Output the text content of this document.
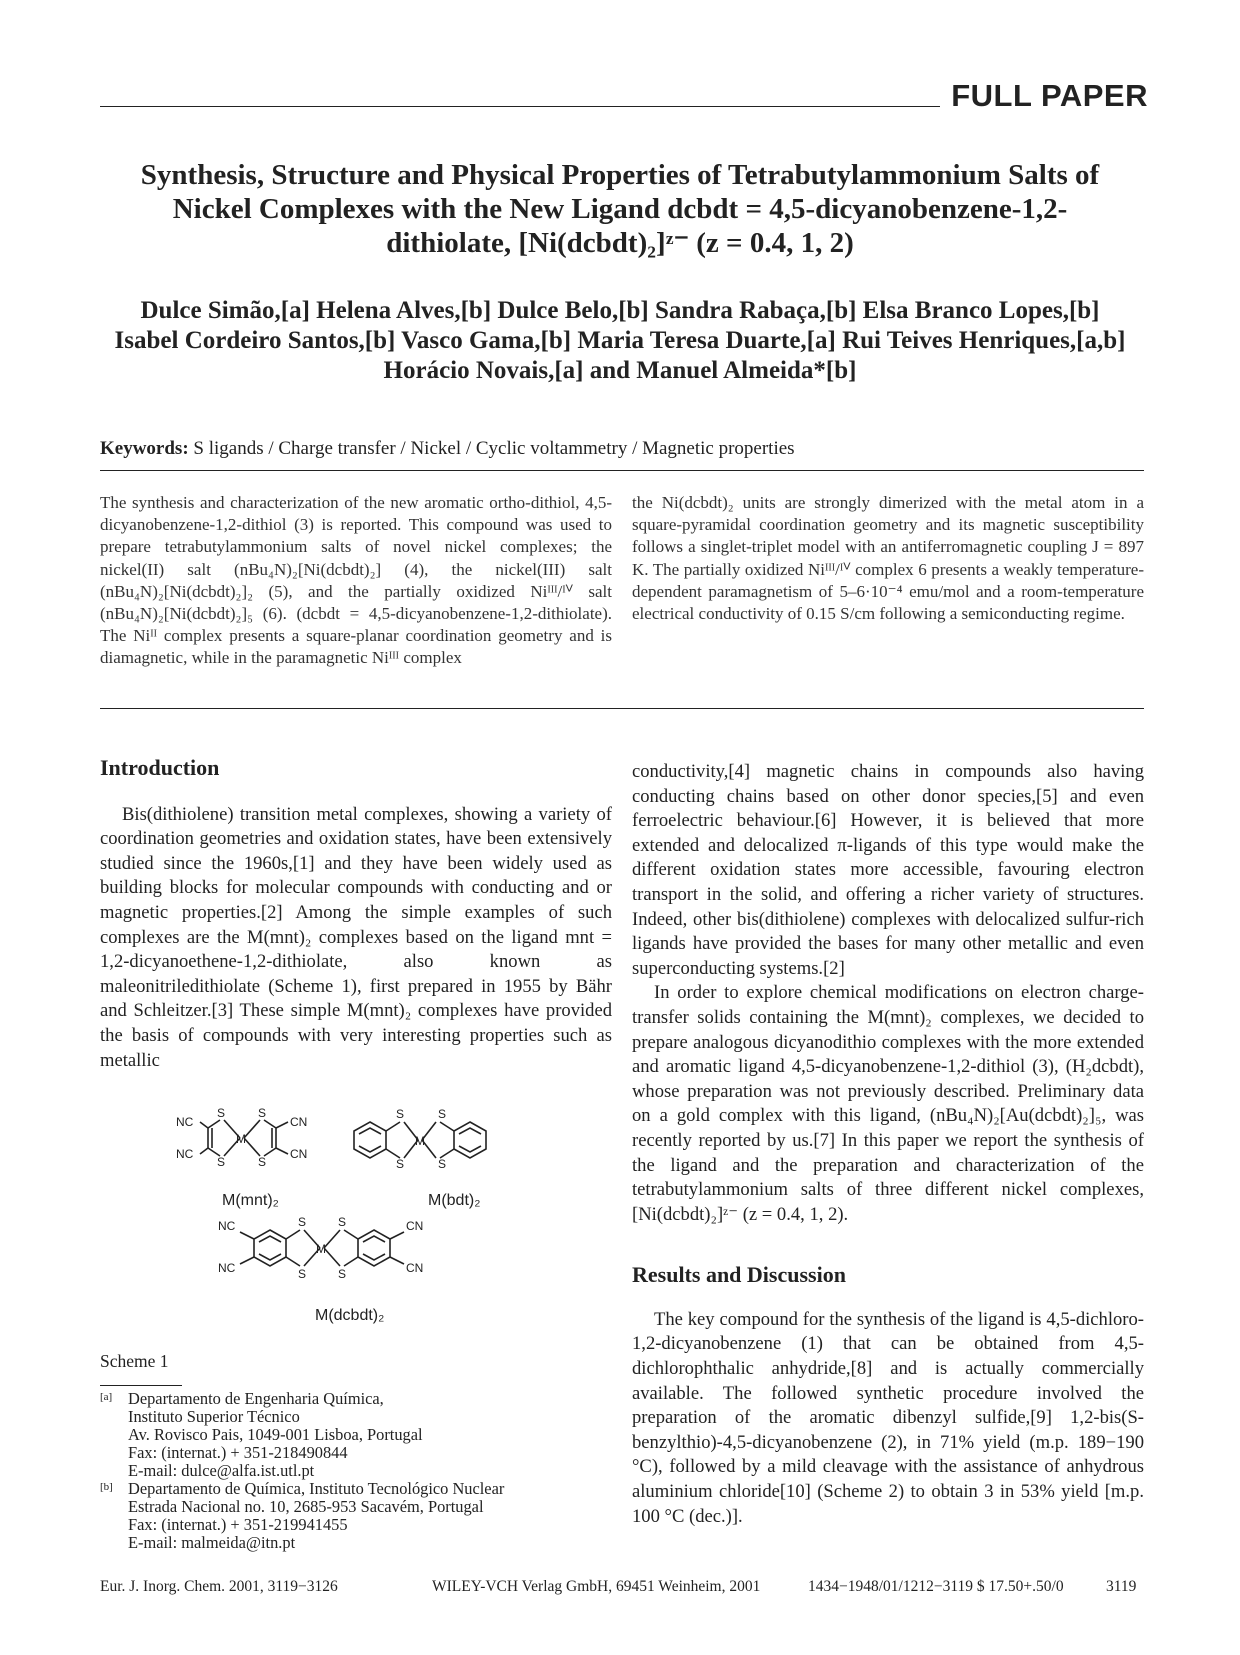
FULL PAPER
Synthesis, Structure and Physical Properties of Tetrabutylammonium Salts of
Nickel Complexes with the New Ligand dcbdt = 4,5-dicyanobenzene-1,2-
dithiolate, [Ni(dcbdt)₂]ᶻ⁻ (z = 0.4, 1, 2)
Dulce Simão,[a] Helena Alves,[b] Dulce Belo,[b] Sandra Rabaça,[b] Elsa Branco Lopes,[b]
Isabel Cordeiro Santos,[b] Vasco Gama,[b] Maria Teresa Duarte,[a] Rui Teives Henriques,[a,b]
Horácio Novais,[a] and Manuel Almeida*[b]
Keywords: S ligands / Charge transfer / Nickel / Cyclic voltammetry / Magnetic properties

The synthesis and characterization of the new aromatic ortho-dithiol, 4,5-dicyanobenzene-1,2-dithiol (3) is reported. This compound was used to prepare tetrabutylammonium salts of novel nickel complexes; the nickel(II) salt (nBu₄N)₂[Ni(dcbdt)₂] (4), the nickel(III) salt (nBu₄N)₂[Ni(dcbdt)₂]₂ (5), and the partially oxidized Niᴵᴵᴵ/ᴵⱽ salt (nBu₄N)₂[Ni(dcbdt)₂]₅ (6). (dcbdt = 4,5-dicyanobenzene-1,2-dithiolate). The Niᴵᴵ complex presents a square-planar coordination geometry and is diamagnetic, while in the paramagnetic Niᴵᴵᴵ complex

the Ni(dcbdt)₂ units are strongly dimerized with the metal atom in a square-pyramidal coordination geometry and its magnetic susceptibility follows a singlet-triplet model with an antiferromagnetic coupling J = 897 K. The partially oxidized Niᴵᴵᴵ/ᴵⱽ complex 6 presents a weakly temperature-dependent paramagnetism of 5–6·10⁻⁴ emu/mol and a room-temperature electrical conductivity of 0.15 S/cm following a semiconducting regime.

Introduction

Bis(dithiolene) transition metal complexes, showing a variety of coordination geometries and oxidation states, have been extensively studied since the 1960s,[1] and they have been widely used as building blocks for molecular compounds with conducting and or magnetic properties.[2] Among the simple examples of such complexes are the M(mnt)₂ complexes based on the ligand mnt = 1,2-dicyanoethene-1,2-dithiolate, also known as maleonitriledithiolate (Scheme 1), first prepared in 1955 by Bähr and Schleitzer.[3] These simple M(mnt)₂ complexes have provided the basis of compounds with very interesting properties such as metallic

NC
NC
S
S
M
S
S
CN
CN
S
S
M
S
S
NC
NC
S
S
M
S
S
CN
CN
M(mnt)₂	M(bdt)₂
M(dcbdt)₂
Scheme 1
[a] Departamento de Engenharia Química,
Instituto Superior Técnico
Av. Rovisco Pais, 1049-001 Lisboa, Portugal
Fax: (internat.) + 351-218490844
E-mail: dulce@alfa.ist.utl.pt
[b] Departamento de Química, Instituto Tecnológico Nuclear
Estrada Nacional no. 10, 2685-953 Sacavém, Portugal
Fax: (internat.) + 351-219941455
E-mail: malmeida@itn.pt

conductivity,[4] magnetic chains in compounds also having conducting chains based on other donor species,[5] and even ferroelectric behaviour.[6] However, it is believed that more extended and delocalized π-ligands of this type would make the different oxidation states more accessible, favouring electron transport in the solid, and offering a richer variety of structures. Indeed, other bis(dithiolene) complexes with delocalized sulfur-rich ligands have provided the bases for many other metallic and even superconducting systems.[2]

In order to explore chemical modifications on electron charge-transfer solids containing the M(mnt)₂ complexes, we decided to prepare analogous dicyanodithio complexes with the more extended and aromatic ligand 4,5-dicyanobenzene-1,2-dithiol (3), (H₂dcbdt), whose preparation was not previously described. Preliminary data on a gold complex with this ligand, (nBu₄N)₂[Au(dcbdt)₂]₅, was recently reported by us.[7] In this paper we report the synthesis of the ligand and the preparation and characterization of the tetrabutylammonium salts of three different nickel complexes, [Ni(dcbdt)₂]ᶻ⁻ (z = 0.4, 1, 2).

Results and Discussion

The key compound for the synthesis of the ligand is 4,5-dichloro-1,2-dicyanobenzene (1) that can be obtained from 4,5-dichlorophthalic anhydride,[8] and is actually commercially available. The followed synthetic procedure involved the preparation of the aromatic dibenzyl sulfide,[9] 1,2-bis(S-benzylthio)-4,5-dicyanobenzene (2), in 71% yield (m.p. 189−190 °C), followed by a mild cleavage with the assistance of anhydrous aluminium chloride[10] (Scheme 2) to obtain 3 in 53% yield [m.p. 100 °C (dec.)].

Eur. J. Inorg. Chem. 2001, 3119−3126	WILEY-VCH Verlag GmbH, 69451 Weinheim, 2001	1434−1948/01/1212−3119 $ 17.50+.50/0	3119
